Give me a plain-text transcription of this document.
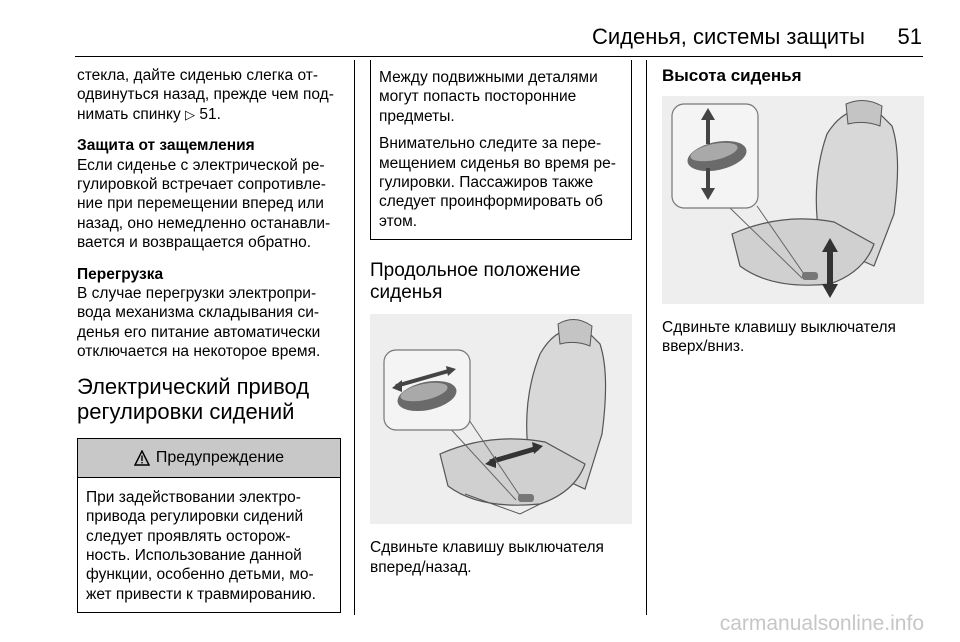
Сиденья, системы защиты 51

стекла, дайте сиденью слегка от-одвинуться назад, прежде чем под-нимать спинку ▷ 51.

Защита от защемления

Если сиденье с электрической ре-гулировкой встречает сопротивле-ние при перемещении вперед или назад, оно немедленно останавли-вается и возвращается обратно.

Перегрузка

В случае перегрузки электропри-вода механизма складывания си-денья его питание автоматически отключается на некоторое время.

Электрический привод регулировки сидений

Предупреждение
При задействовании электро-привода регулировки сидений следует проявлять осторож-ность. Использование данной функции, особенно детьми, мо-жет привести к травмированию.

Между подвижными деталями могут попасть посторонние предметы.

Внимательно следите за пере-мещением сиденья во время ре-гулировки. Пассажиров также следует проинформировать об этом.

Продольное положение сиденья

Сдвиньте клавишу выключателя вперед/назад.

Высота сиденья

Сдвиньте клавишу выключателя вверх/вниз.

carmanualsonline.info
